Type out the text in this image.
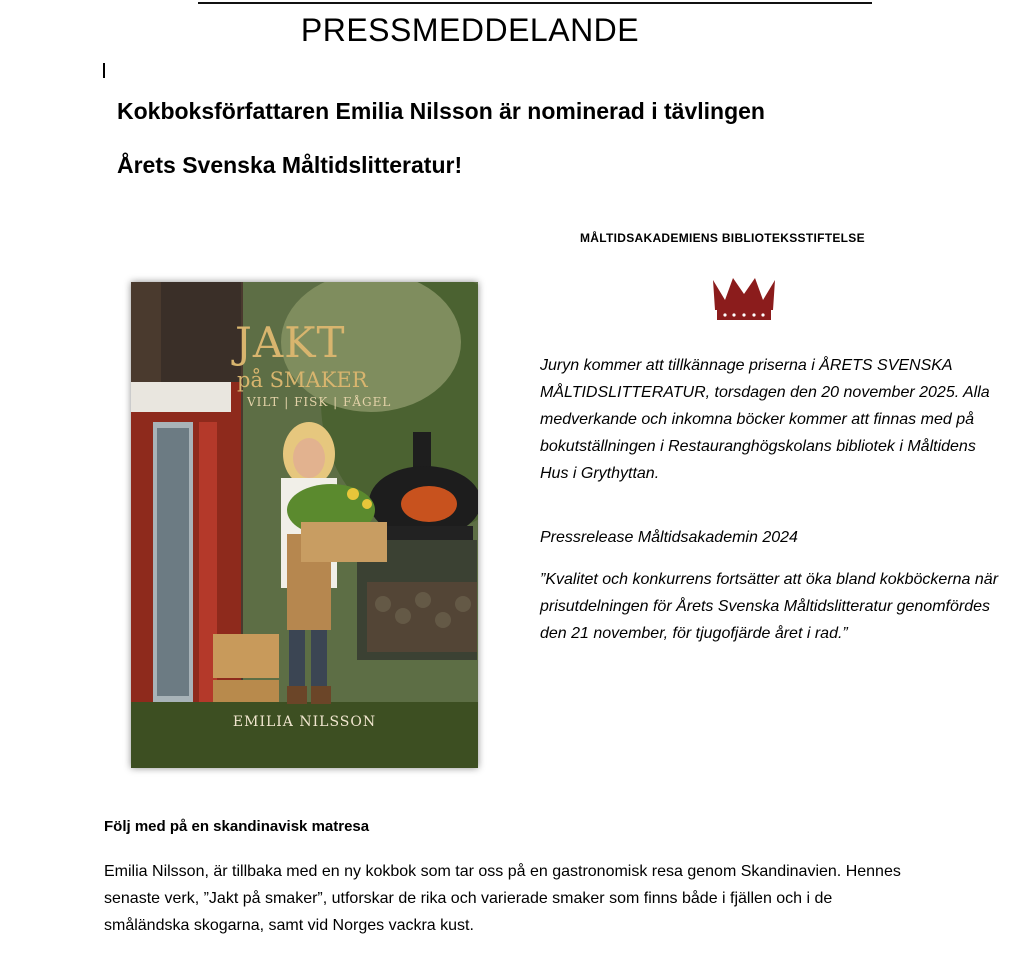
PRESSMEDDELANDE
Kokboksförfattaren Emilia Nilsson är nominerad i tävlingen
Årets Svenska Måltidslitteratur!
JAKT
på SMAKER
VILT | FISK | FÅGEL
EMILIA NILSSON
MÅLTIDSAKADEMIENS BIBLIOTEKSSTIFTELSE

Juryn kommer att tillkännage priserna i ÅRETS SVENSKA MÅLTIDSLITTERATUR, torsdagen den 20 november 2025. Alla medverkande och inkomna böcker kommer att finnas med på bokutställningen i Restauranghögskolans bibliotek i Måltidens Hus i Grythyttan.

Pressrelease Måltidsakademin 2024

”Kvalitet och konkurrens fortsätter att öka bland kokböckerna när prisutdelningen för Årets Svenska Måltidslitteratur genomfördes den 21 november, för tjugofjärde året i rad.”

Följ med på en skandinavisk matresa

Emilia Nilsson, är tillbaka med en ny kokbok som tar oss på en gastronomisk resa genom Skandinavien. Hennes senaste verk, ”Jakt på smaker”, utforskar de rika och varierade smaker som finns både i fjällen och i de småländska skogarna, samt vid Norges vackra kust.
